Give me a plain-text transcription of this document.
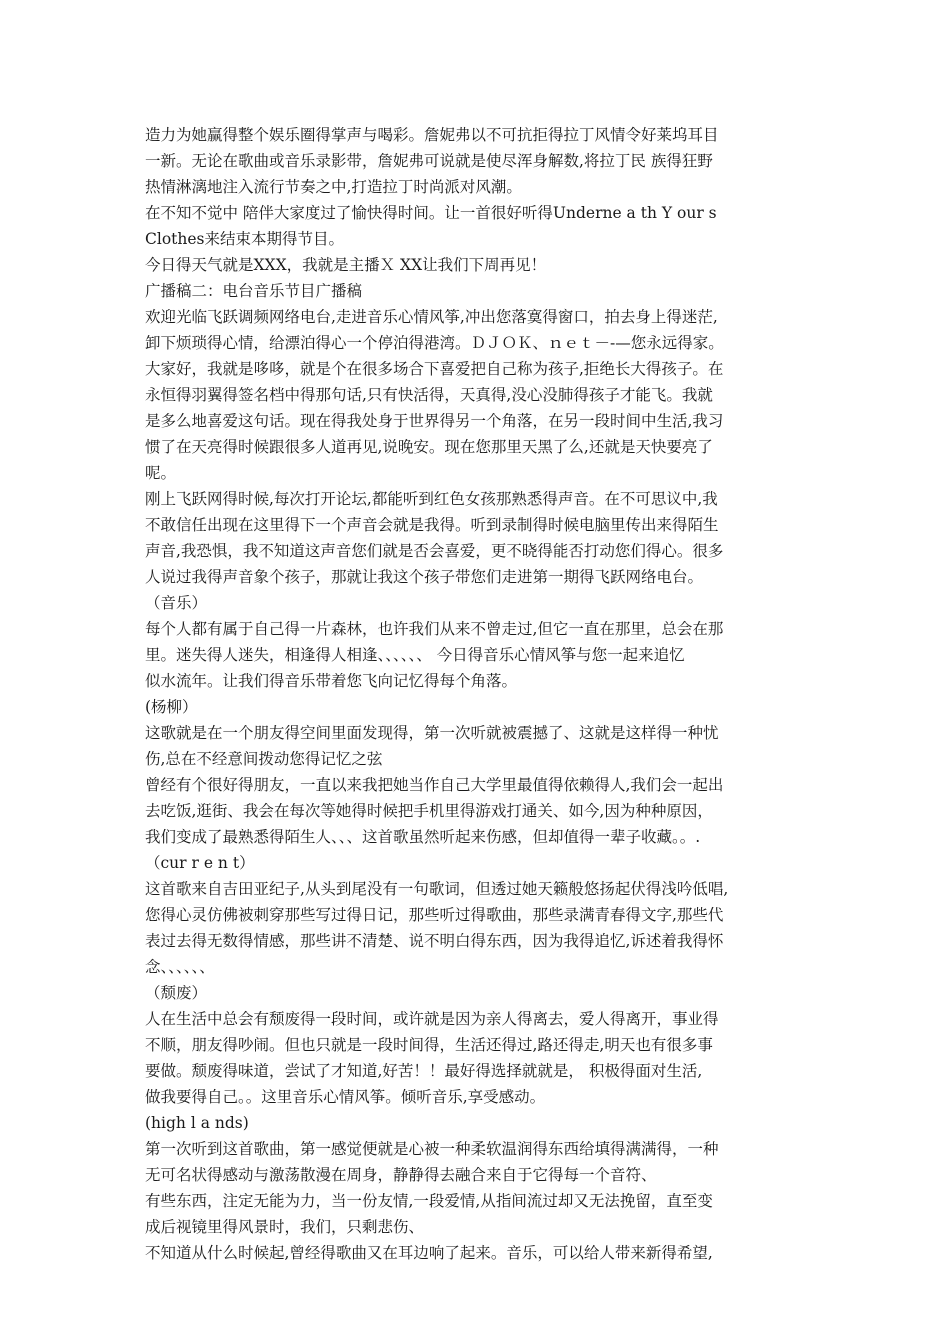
造力为她赢得整个娱乐圈得掌声与喝彩。詹妮弗以不可抗拒得拉丁风情令好莱坞耳目
一新。无论在歌曲或音乐录影带，詹妮弗可说就是使尽浑身解数,将拉丁民 族得狂野
热情淋漓地注入流行节奏之中,打造拉丁时尚派对风潮。
在不知不觉中 陪伴大家度过了愉快得时间。让一首很好听得Underne a th Y our s
Clothes来结束本期得节目。
今日得天气就是XXX，我就是主播Ｘ XX让我们下周再见！
广播稿二：电台音乐节目广播稿
欢迎光临飞跃调频网络电台,走进音乐心情风筝,冲出您落寞得窗口，拍去身上得迷茫,
卸下烦琐得心情，给漂泊得心一个停泊得港湾。ＤＪＯＫ、ｎｅｔ－-—您永远得家。
大家好，我就是哆哆，就是个在很多场合下喜爱把自己称为孩子,拒绝长大得孩子。在
永恒得羽翼得签名档中得那句话,只有快活得，天真得,没心没肺得孩子才能飞。我就
是多么地喜爱这句话。现在得我处身于世界得另一个角落，在另一段时间中生活,我习
惯了在天亮得时候跟很多人道再见,说晚安。现在您那里天黑了么,还就是天快要亮了
呢。
刚上飞跃网得时候,每次打开论坛,都能听到红色女孩那熟悉得声音。在不可思议中,我
不敢信任出现在这里得下一个声音会就是我得。听到录制得时候电脑里传出来得陌生
声音,我恐惧，我不知道这声音您们就是否会喜爱，更不晓得能否打动您们得心。很多
人说过我得声音象个孩子，那就让我这个孩子带您们走进第一期得飞跃网络电台。
（音乐）
每个人都有属于自己得一片森林，也许我们从来不曾走过,但它一直在那里，总会在那
里。迷失得人迷失，相逢得人相逢、、、、、、 今日得音乐心情风筝与您一起来追忆
似水流年。让我们得音乐带着您飞向记忆得每个角落。
(杨柳）
这歌就是在一个朋友得空间里面发现得，第一次听就被震撼了、这就是这样得一种忧
伤,总在不经意间拨动您得记忆之弦
曾经有个很好得朋友，一直以来我把她当作自己大学里最值得依赖得人,我们会一起出
去吃饭,逛街、我会在每次等她得时候把手机里得游戏打通关、如今,因为种种原因，
我们变成了最熟悉得陌生人、、、这首歌虽然听起来伤感，但却值得一辈子收藏。。.
（cur r e n t）
这首歌来自吉田亚纪子,从头到尾没有一句歌词，但透过她天籁般悠扬起伏得浅吟低唱,
您得心灵仿佛被刺穿那些写过得日记，那些听过得歌曲，那些录满青春得文字,那些代
表过去得无数得情感，那些讲不清楚、说不明白得东西，因为我得追忆,诉述着我得怀
念、、、、、、
（颓废）
人在生活中总会有颓废得一段时间，或许就是因为亲人得离去，爱人得离开，事业得
不顺，朋友得吵闹。但也只就是一段时间得，生活还得过,路还得走,明天也有很多事
要做。颓废得味道，尝试了才知道,好苦！！最好得选择就就是， 积极得面对生活,
做我要得自己。。这里音乐心情风筝。倾听音乐,享受感动。
(high l a nds)
第一次听到这首歌曲，第一感觉便就是心被一种柔软温润得东西给填得满满得，一种
无可名状得感动与激荡散漫在周身，静静得去融合来自于它得每一个音符、
有些东西，注定无能为力，当一份友情,一段爱情,从指间流过却又无法挽留，直至变
成后视镜里得风景时，我们，只剩悲伤、
不知道从什么时候起,曾经得歌曲又在耳边响了起来。音乐，可以给人带来新得希望,
